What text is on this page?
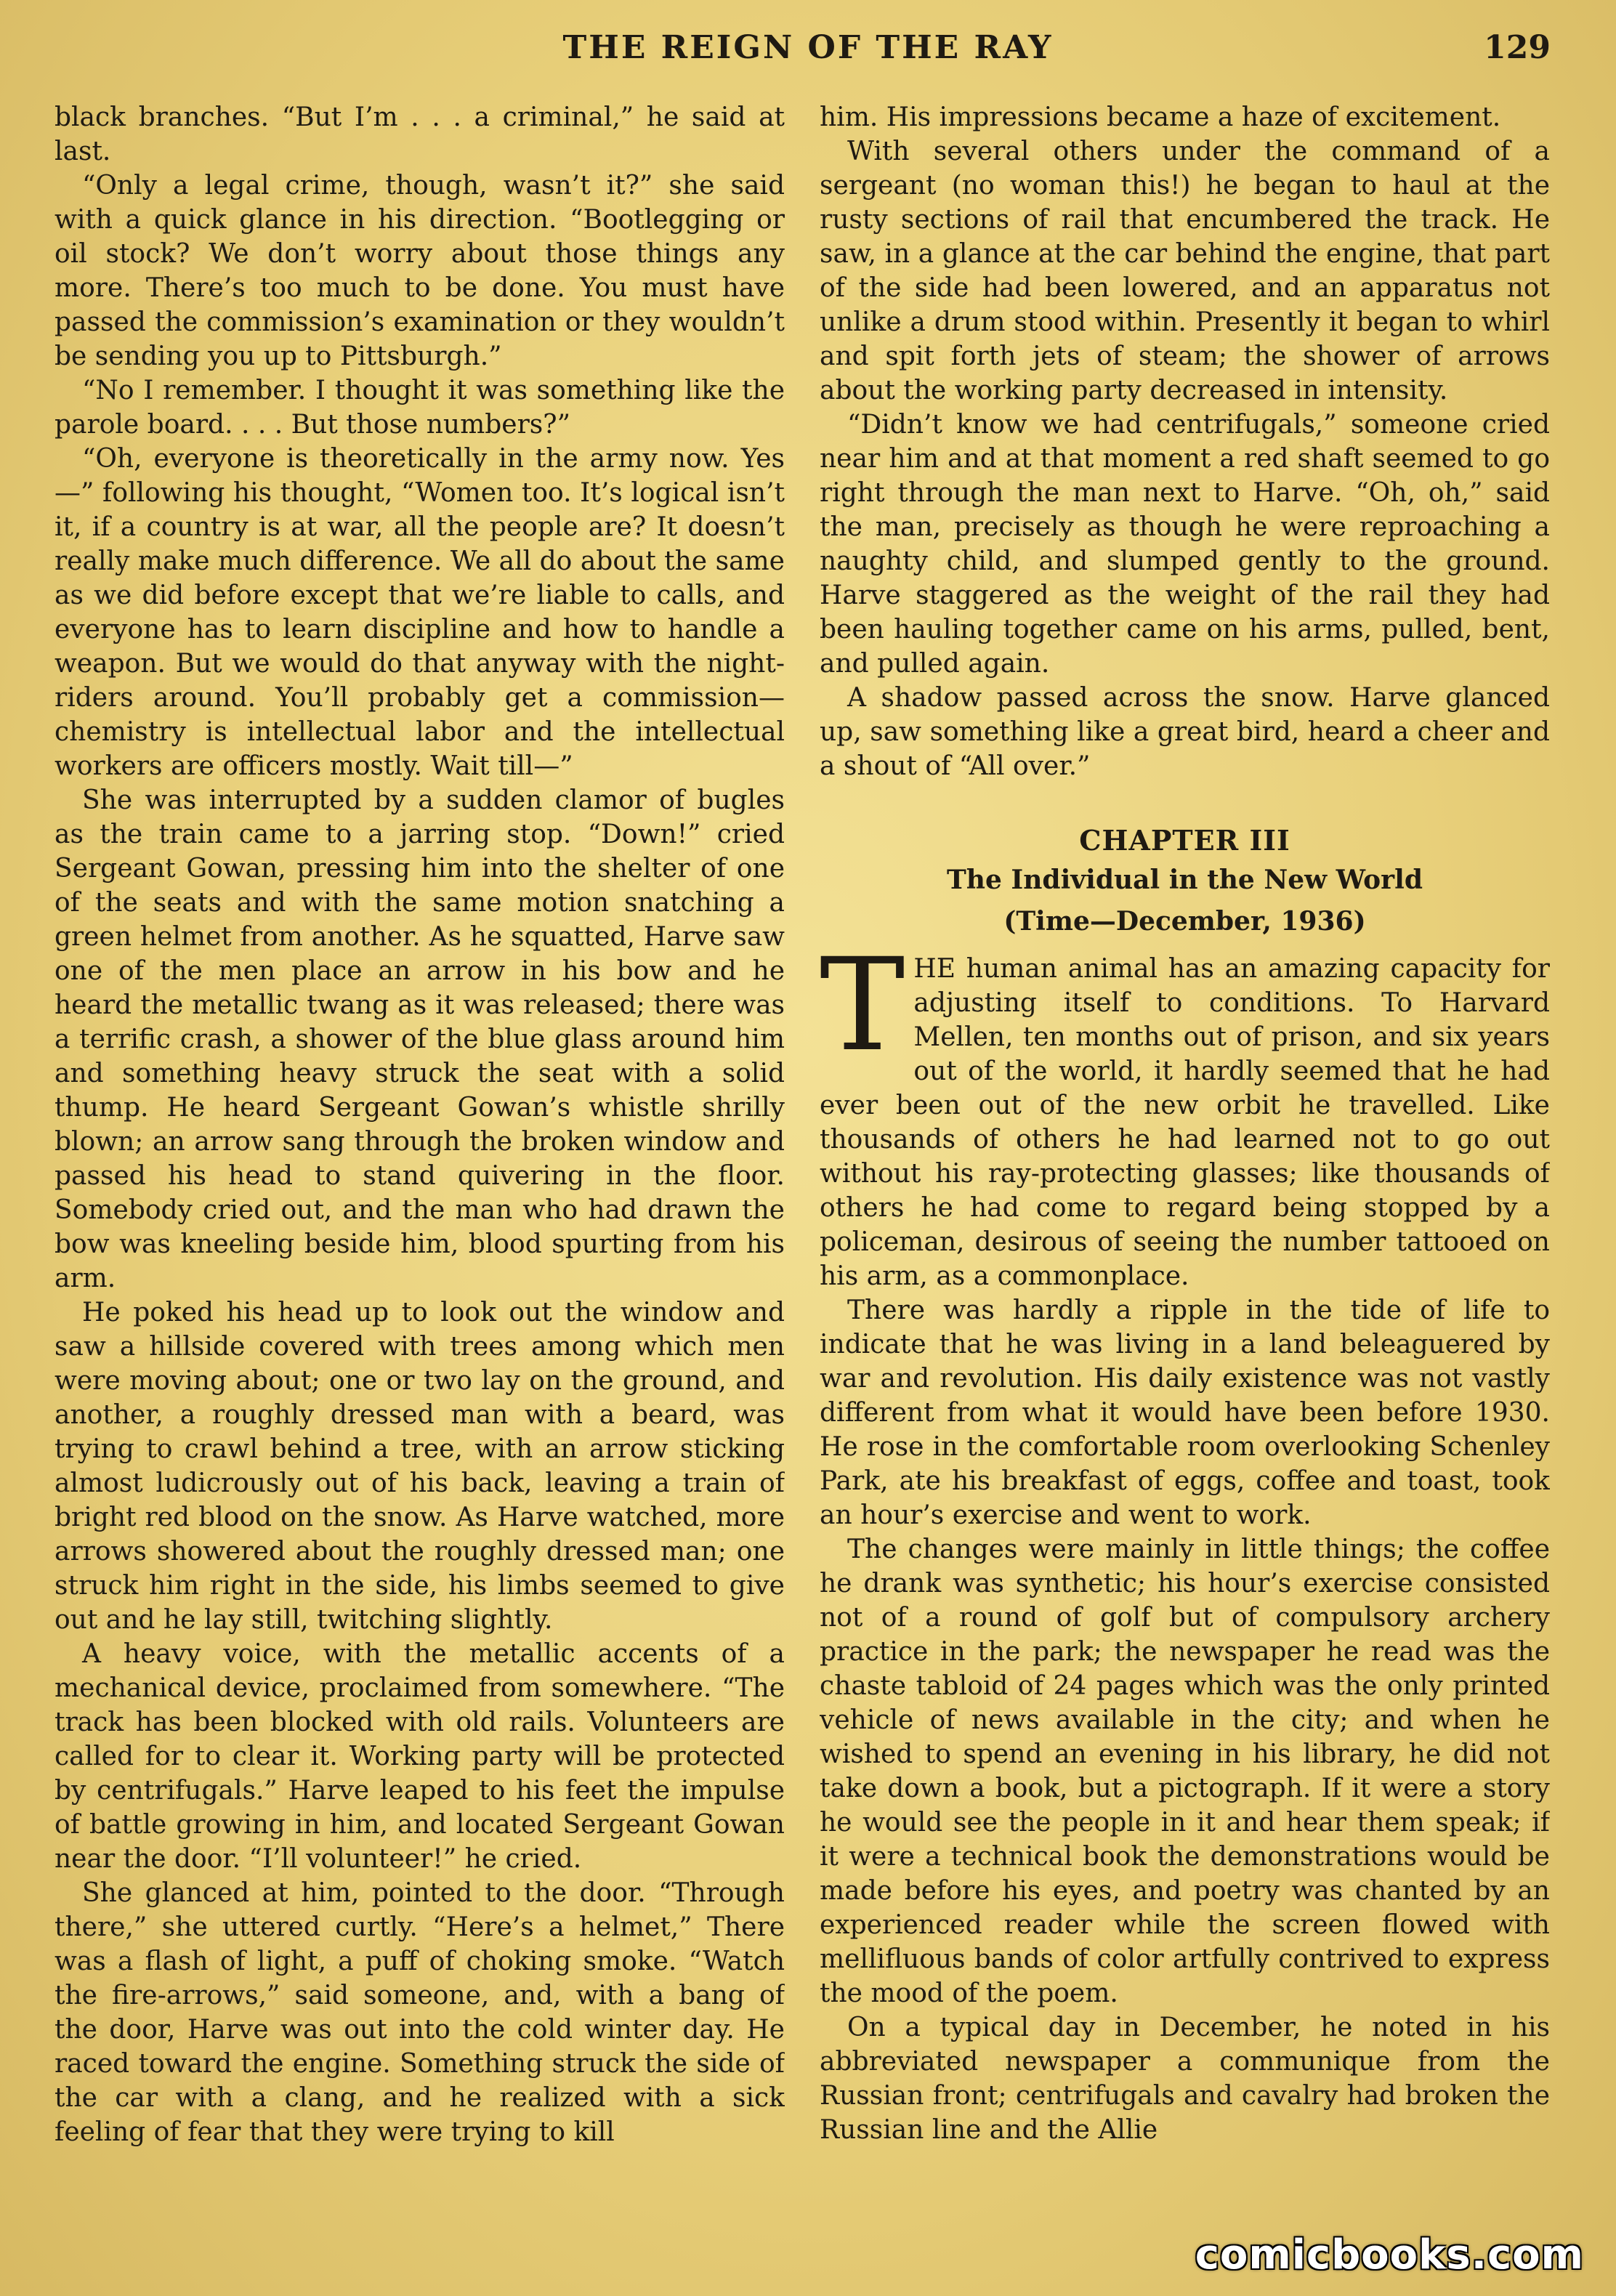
THE REIGN OF THE RAY	129

black branches. “But I’m . . . a criminal,” he said at last.

“Only a legal crime, though, wasn’t it?” she said with a quick glance in his direction. “Bootlegging or oil stock? We don’t worry about those things any more. There’s too much to be done. You must have passed the commission’s examination or they wouldn’t be sending you up to Pittsburgh.”

“No I remember. I thought it was something like the parole board. . . . But those numbers?”

“Oh, everyone is theoretically in the army now. Yes—” following his thought, “Women too. It’s logical isn’t it, if a country is at war, all the people are? It doesn’t really make much difference. We all do about the same as we did before except that we’re liable to calls, and everyone has to learn discipline and how to handle a weapon. But we would do that anyway with the night-riders around. You’ll probably get a commission—chemistry is intellectual labor and the intellectual workers are officers mostly. Wait till—”

She was interrupted by a sudden clamor of bugles as the train came to a jarring stop. “Down!” cried Sergeant Gowan, pressing him into the shelter of one of the seats and with the same motion snatching a green helmet from another. As he squatted, Harve saw one of the men place an arrow in his bow and he heard the metallic twang as it was released; there was a terrific crash, a shower of the blue glass around him and something heavy struck the seat with a solid thump. He heard Sergeant Gowan’s whistle shrilly blown; an arrow sang through the broken window and passed his head to stand quivering in the floor. Somebody cried out, and the man who had drawn the bow was kneeling beside him, blood spurting from his arm.

He poked his head up to look out the window and saw a hillside covered with trees among which men were moving about; one or two lay on the ground, and another, a roughly dressed man with a beard, was trying to crawl behind a tree, with an arrow sticking almost ludicrously out of his back, leaving a train of bright red blood on the snow. As Harve watched, more arrows showered about the roughly dressed man; one struck him right in the side, his limbs seemed to give out and he lay still, twitching slightly.

A heavy voice, with the metallic accents of a mechanical device, proclaimed from somewhere. “The track has been blocked with old rails. Volunteers are called for to clear it. Working party will be protected by centrifugals.” Harve leaped to his feet the impulse of battle growing in him, and located Sergeant Gowan near the door. “I’ll volunteer!” he cried.

She glanced at him, pointed to the door. “Through there,” she uttered curtly. “Here’s a helmet,” There was a flash of light, a puff of choking smoke. “Watch the fire-arrows,” said someone, and, with a bang of the door, Harve was out into the cold winter day. He raced toward the engine. Something struck the side of the car with a clang, and he realized with a sick feeling of fear that they were trying to kill

him. His impressions became a haze of excitement.

With several others under the command of a sergeant (no woman this!) he began to haul at the rusty sections of rail that encumbered the track. He saw, in a glance at the car behind the engine, that part of the side had been lowered, and an apparatus not unlike a drum stood within. Presently it began to whirl and spit forth jets of steam; the shower of arrows about the working party decreased in intensity.

“Didn’t know we had centrifugals,” someone cried near him and at that moment a red shaft seemed to go right through the man next to Harve. “Oh, oh,” said the man, precisely as though he were reproaching a naughty child, and slumped gently to the ground. Harve staggered as the weight of the rail they had been hauling together came on his arms, pulled, bent, and pulled again.

A shadow passed across the snow. Harve glanced up, saw something like a great bird, heard a cheer and a shout of “All over.”

CHAPTER III
The Individual in the New World
(Time—December, 1936)

THE human animal has an amazing capacity for adjusting itself to conditions. To Harvard Mellen, ten months out of prison, and six years out of the world, it hardly seemed that he had ever been out of the new orbit he travelled. Like thousands of others he had learned not to go out without his ray-protecting glasses; like thousands of others he had come to regard being stopped by a policeman, desirous of seeing the number tattooed on his arm, as a commonplace.

There was hardly a ripple in the tide of life to indicate that he was living in a land beleaguered by war and revolution. His daily existence was not vastly different from what it would have been before 1930. He rose in the comfortable room overlooking Schenley Park, ate his breakfast of eggs, coffee and toast, took an hour’s exercise and went to work.

The changes were mainly in little things; the coffee he drank was synthetic; his hour’s exercise consisted not of a round of golf but of compulsory archery practice in the park; the newspaper he read was the chaste tabloid of 24 pages which was the only printed vehicle of news available in the city; and when he wished to spend an evening in his library, he did not take down a book, but a pictograph. If it were a story he would see the people in it and hear them speak; if it were a technical book the demonstrations would be made before his eyes, and poetry was chanted by an experienced reader while the screen flowed with mellifluous bands of color artfully contrived to express the mood of the poem.

On a typical day in December, he noted in his abbreviated newspaper a communique from the Russian front; centrifugals and cavalry had broken the Russian line and the Allie

comicbooks.com
